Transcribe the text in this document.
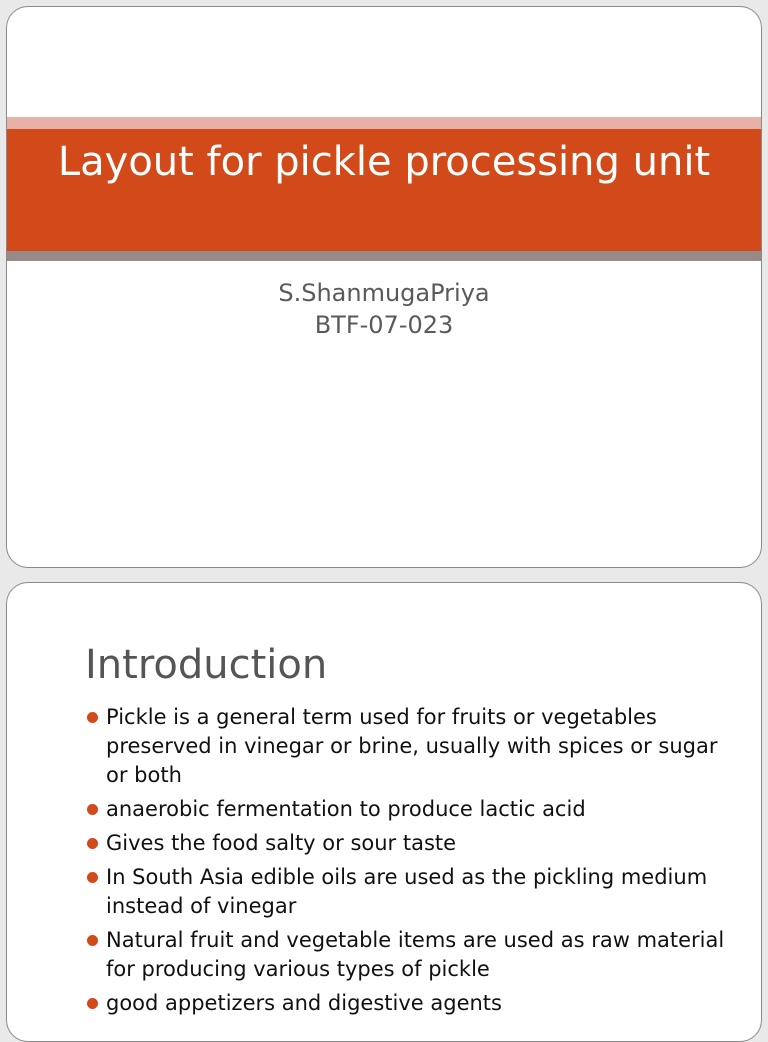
Layout for pickle processing unit
S.ShanmugaPriya
BTF-07-023
Introduction
Pickle is a general term used for fruits or vegetables preserved in vinegar or brine, usually with spices or sugar or both
anaerobic fermentation to produce lactic acid
Gives the food salty or sour taste
In South Asia edible oils are used as the pickling medium instead of vinegar
Natural fruit and vegetable items are used as raw material for producing various types of pickle
good appetizers and digestive agents
